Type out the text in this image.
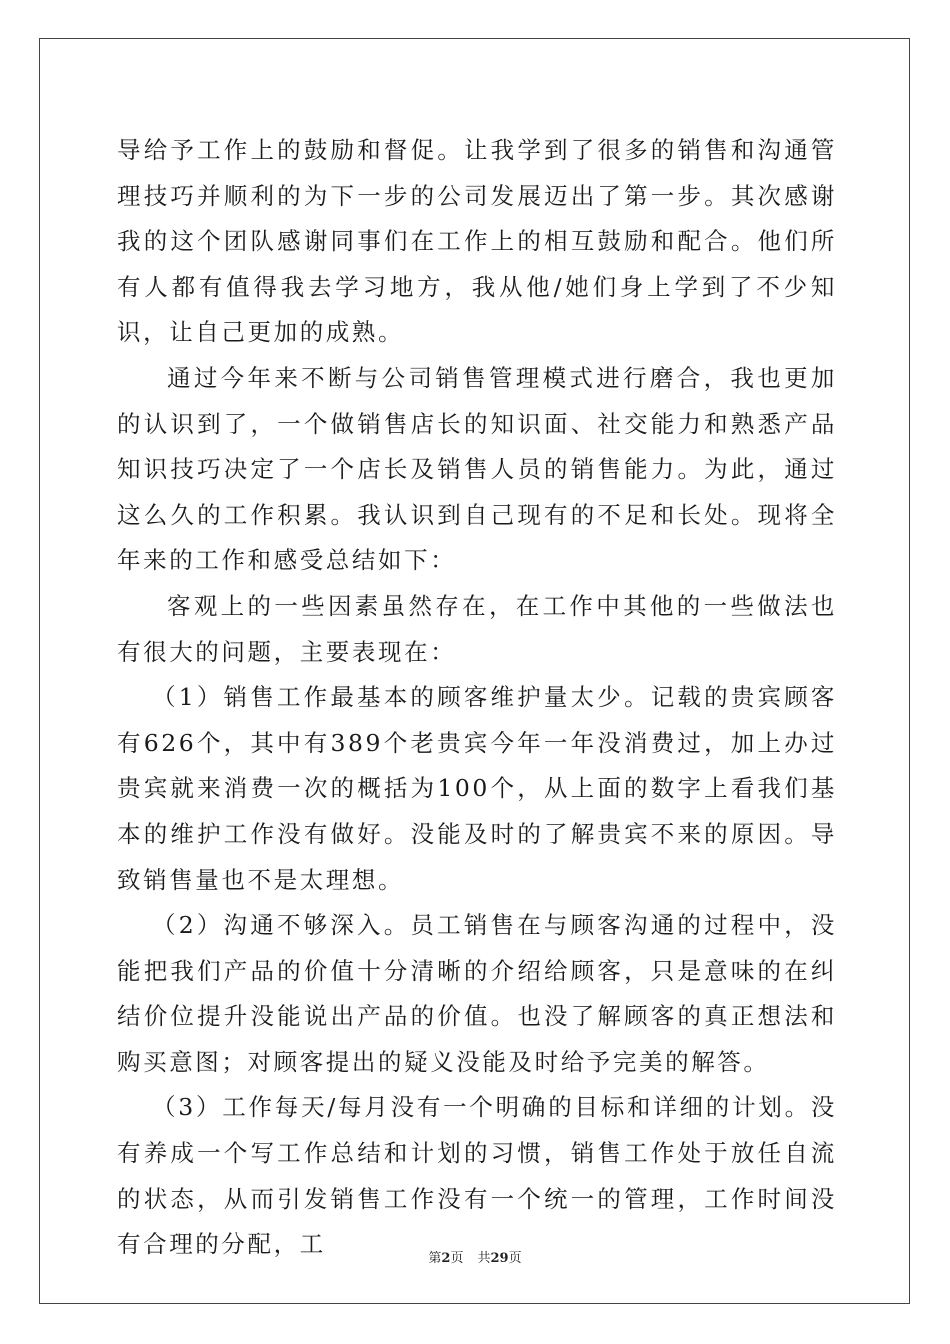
导给予工作上的鼓励和督促。让我学到了很多的销售和沟通管理技巧并顺利的为下一步的公司发展迈出了第一步。其次感谢我的这个团队感谢同事们在工作上的相互鼓励和配合。他们所有人都有值得我去学习地方，我从他/她们身上学到了不少知识，让自己更加的成熟。

通过今年来不断与公司销售管理模式进行磨合，我也更加的认识到了，一个做销售店长的知识面、社交能力和熟悉产品知识技巧决定了一个店长及销售人员的销售能力。为此，通过这么久的工作积累。我认识到自己现有的不足和长处。现将全年来的工作和感受总结如下：

客观上的一些因素虽然存在，在工作中其他的一些做法也有很大的问题，主要表现在：

（1）销售工作最基本的顾客维护量太少。记载的贵宾顾客有626个，其中有389个老贵宾今年一年没消费过，加上办过贵宾就来消费一次的概括为100个，从上面的数字上看我们基本的维护工作没有做好。没能及时的了解贵宾不来的原因。导致销售量也不是太理想。

（2）沟通不够深入。员工销售在与顾客沟通的过程中，没能把我们产品的价值十分清晰的介绍给顾客，只是意味的在纠结价位提升没能说出产品的价值。也没了解顾客的真正想法和购买意图；对顾客提出的疑义没能及时给予完美的解答。

（3）工作每天/每月没有一个明确的目标和详细的计划。没有养成一个写工作总结和计划的习惯，销售工作处于放任自流的状态，从而引发销售工作没有一个统一的管理，工作时间没有合理的分配，工

第2页 共29页
